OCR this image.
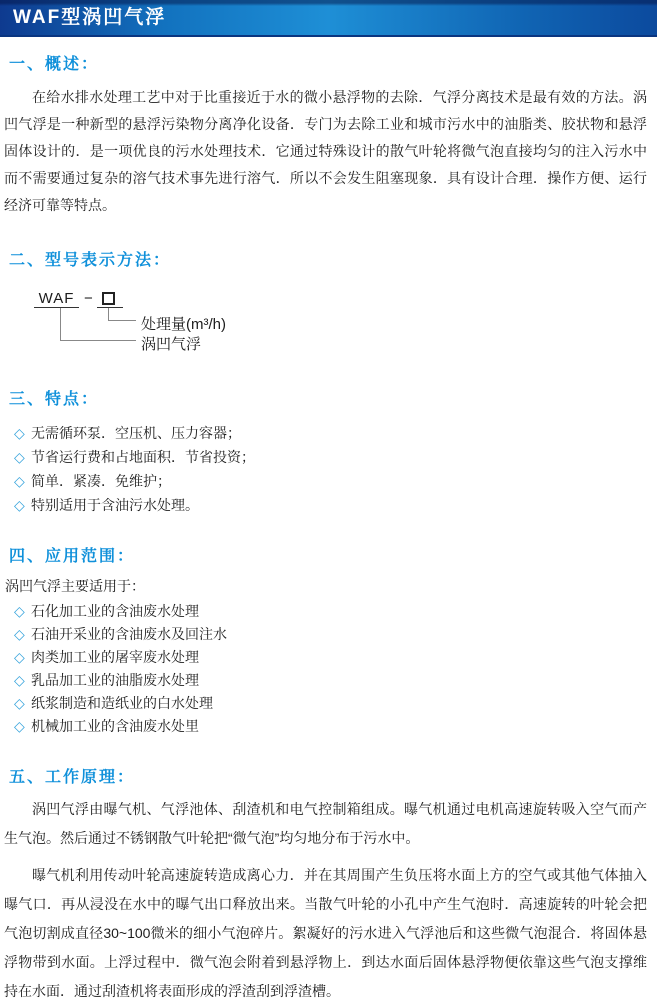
WAF型涡凹气浮
一、概述：

在给水排水处理工艺中对于比重接近于水的微小悬浮物的去除．气浮分离技术是最有效的方法。涡凹气浮是一种新型的悬浮污染物分离净化设备．专门为去除工业和城市污水中的油脂类、胶状物和悬浮固体设计的．是一项优良的污水处理技术．它通过特殊设计的散气叶轮将微气泡直接均匀的注入污水中而不需要通过复杂的溶气技术事先进行溶气．所以不会发生阻塞现象．具有设计合理．操作方便、运行经济可靠等特点。

二、型号表示方法：
WAF −
处理量(m³/h)
涡凹气浮
三、特点：
◇ 无需循环泵．空压机、压力容器；
◇ 节省运行费和占地面积．节省投资；
◇ 简单．紧凑．免维护；
◇ 特别适用于含油污水处理。
四、应用范围：
涡凹气浮主要适用于：
◇ 石化加工业的含油废水处理
◇ 石油开采业的含油废水及回注水
◇ 肉类加工业的屠宰废水处理
◇ 乳品加工业的油脂废水处理
◇ 纸浆制造和造纸业的白水处理
◇ 机械加工业的含油废水处里
五、工作原理：

涡凹气浮由曝气机、气浮池体、刮渣机和电气控制箱组成。曝气机通过电机高速旋转吸入空气而产生气泡。然后通过不锈钢散气叶轮把“微气泡”均匀地分布于污水中。

曝气机利用传动叶轮高速旋转造成离心力．并在其周围产生负压将水面上方的空气或其他气体抽入曝气口．再从浸没在水中的曝气出口释放出来。当散气叶轮的小孔中产生气泡时．高速旋转的叶轮会把气泡切割成直径30~100微米的细小气泡碎片。絮凝好的污水进入气浮池后和这些微气泡混合．将固体悬浮物带到水面。上浮过程中．微气泡会附着到悬浮物上．到达水面后固体悬浮物便依靠这些气泡支撑维持在水面．通过刮渣机将表面形成的浮渣刮到浮渣槽。
